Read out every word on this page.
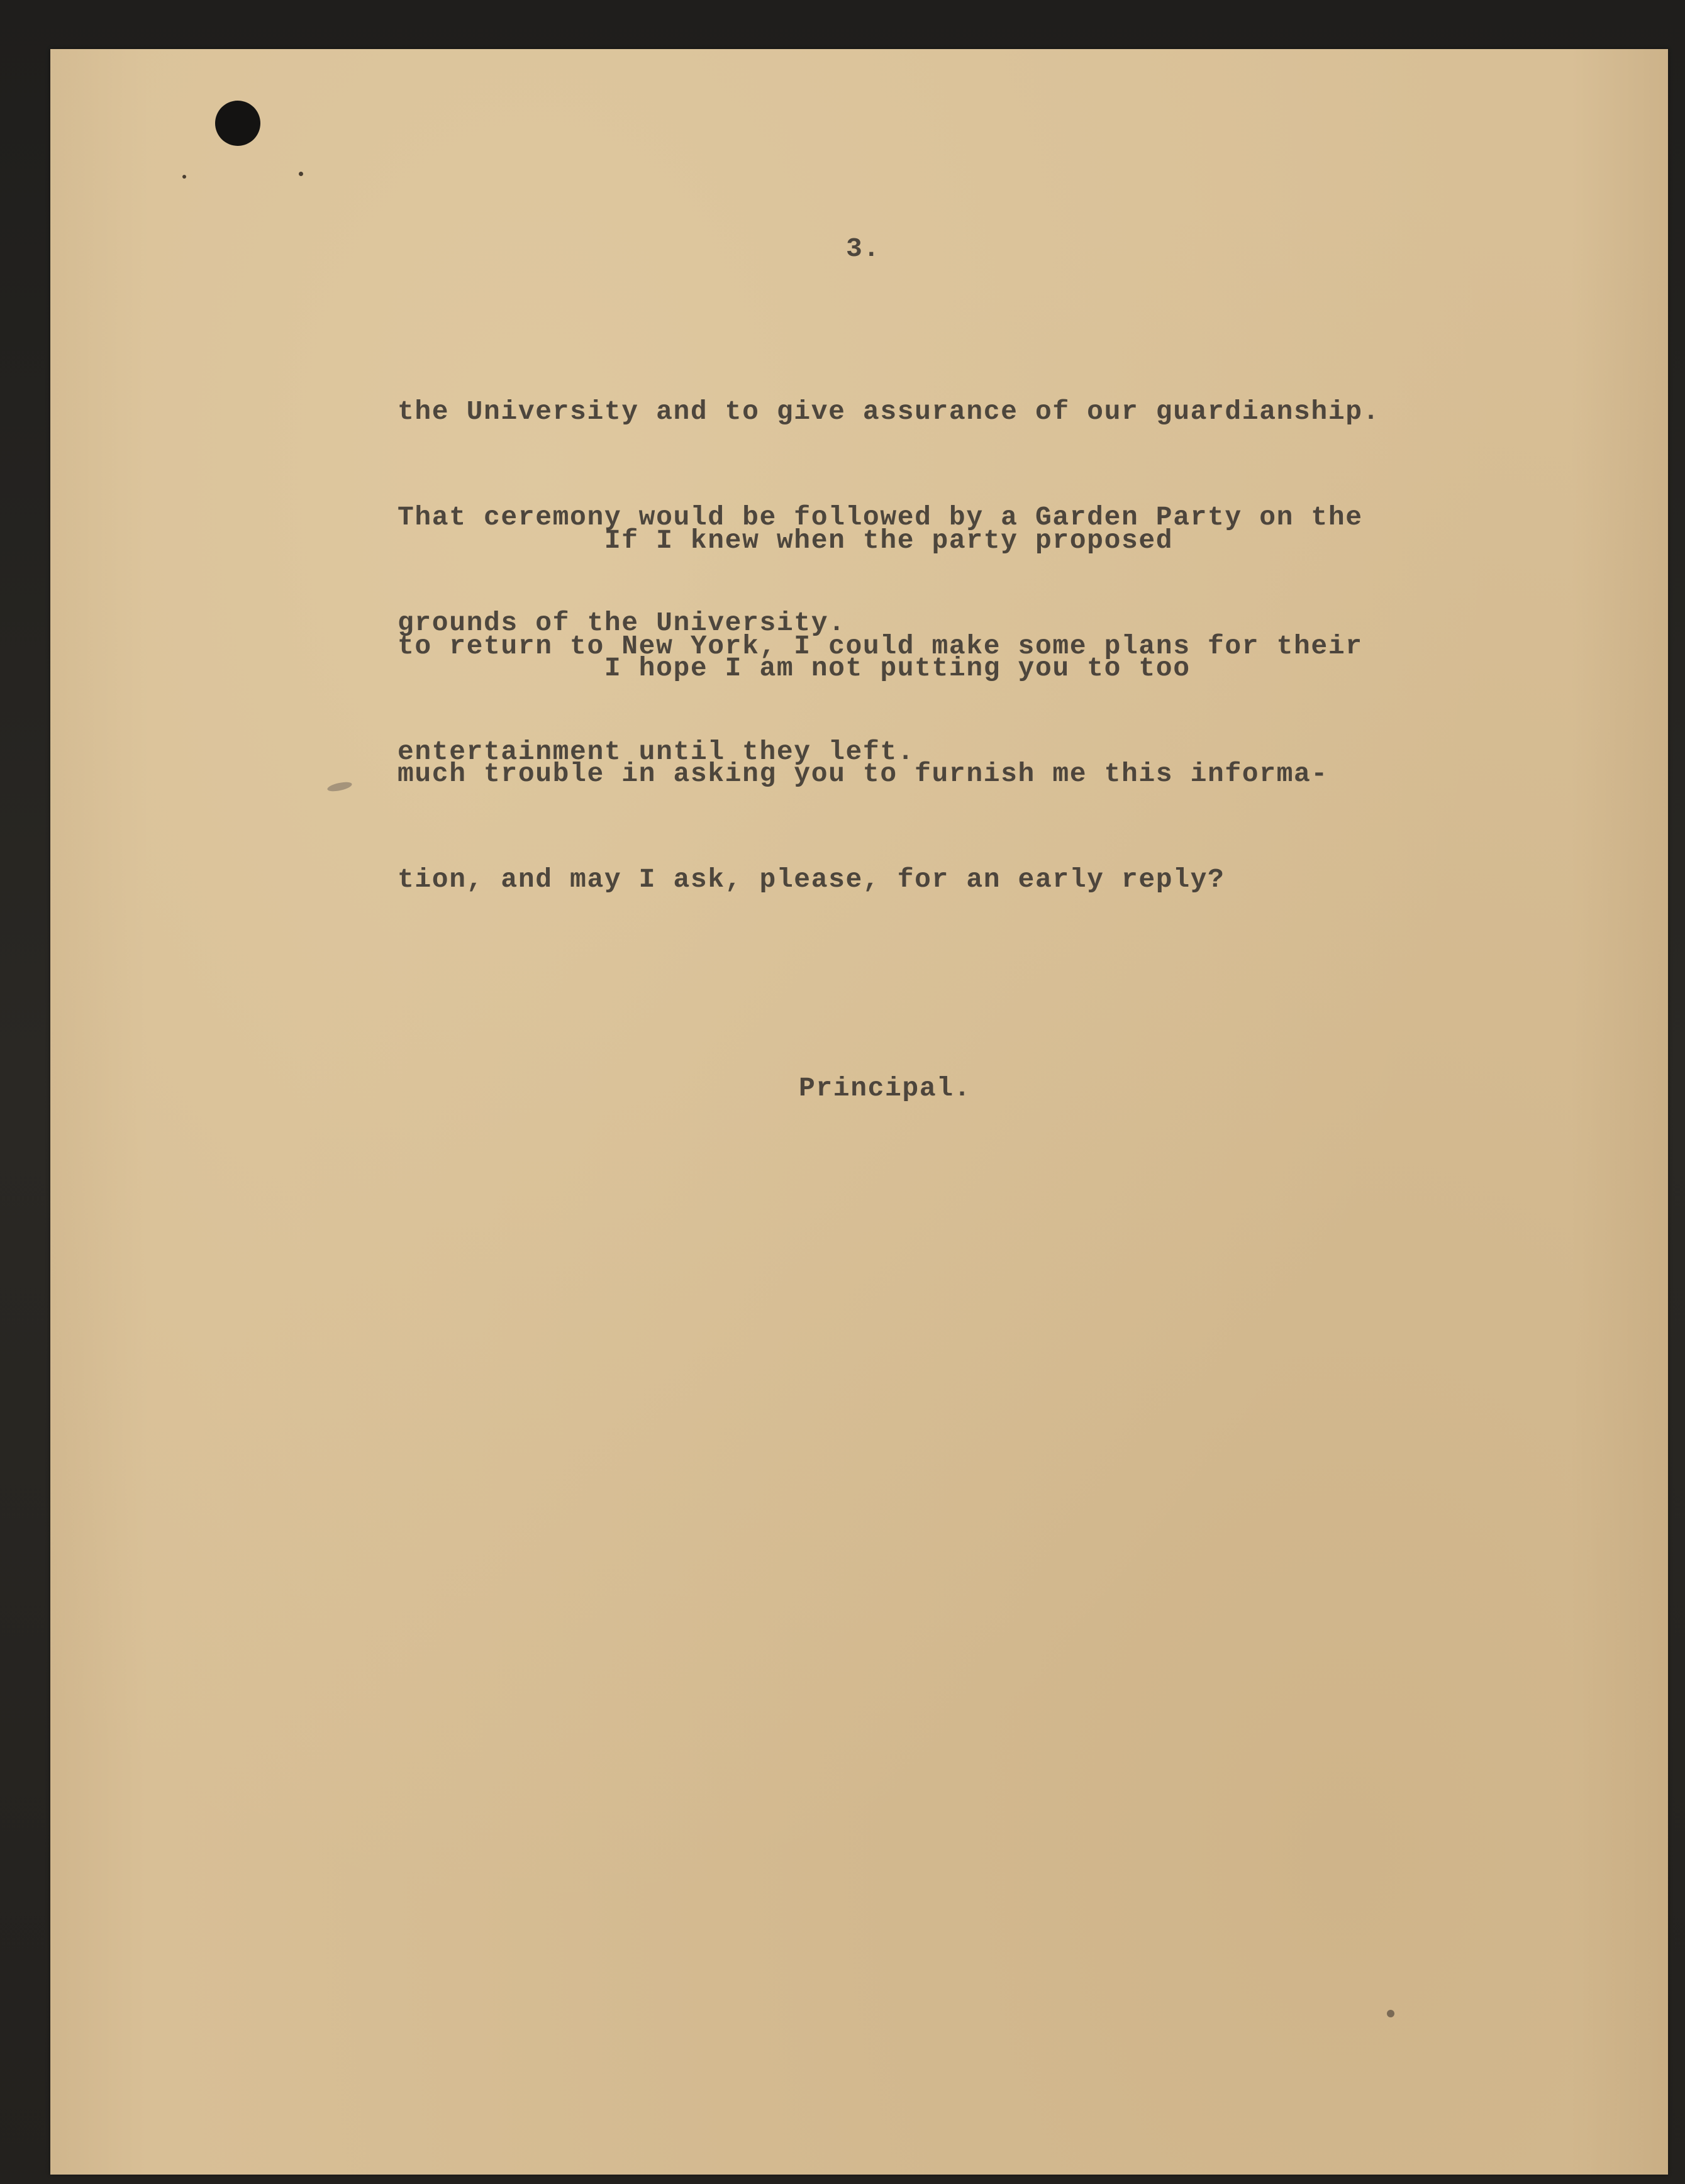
3.

the University and to give assurance of our guardianship.

That ceremony would be followed by a Garden Party on the

grounds of the University.

If I knew when the party proposed

to return to New York, I could make some plans for their

entertainment until they left.

I hope I am not putting you to too

much trouble in asking you to furnish me this informa-

tion, and may I ask, please, for an early reply?

Principal.
